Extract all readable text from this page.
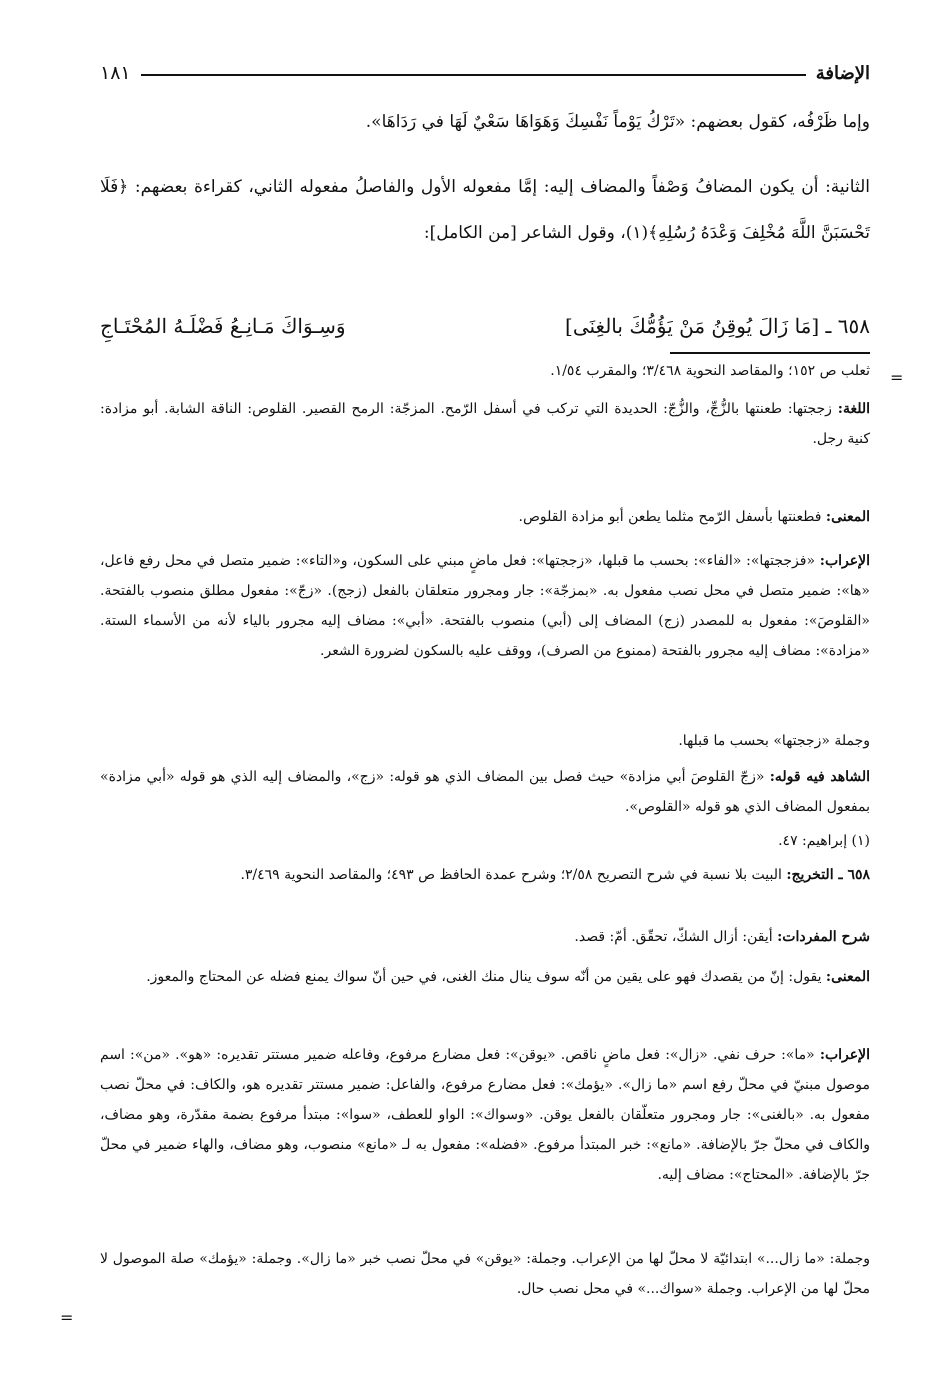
الإضافة
١٨١
وإما ظَرْفُه، كقول بعضهم: «تَرْكُ يَوْماً نَفْسِكَ وَهَوَاهَا سَعْيٌ لَهَا في رَدَاهَا».
الثانية: أن يكون المضافُ وَصْفاً والمضاف إليه: إمَّا مفعوله الأول والفاصلُ مفعوله الثاني، كقراءة بعضهم: ﴿فَلَا تَحْسَبَنَّ اللَّهَ مُخْلِفَ وَعْدَهُ رُسُلِهِ﴾(١)، وقول الشاعر [من الكامل]:
٦٥٨ ـ [مَا زَالَ يُوقِنُ مَنْ يَؤُمُّكَ بالغِنَى]
وَسِـوَاكَ مَـانِـعُ فَضْلَـهُ المُحْتَـاجِ
=
ثعلب ص ١٥٢؛ والمقاصد النحوية ٣/٤٦٨؛ والمقرب ١/٥٤.
اللغة: زججتها: طعنتها بالزُّجِّ، والزُّجّ: الحديدة التي تركب في أسفل الرّمح. المزجّة: الرمح القصير. القلوص: الناقة الشابة. أبو مزادة: كنية رجل.
المعنى: فطعنتها بأسفل الرّمح مثلما يطعن أبو مزادة القلوص.
الإعراب: «فزججتها»: «الفاء»: بحسب ما قبلها، «زججتها»: فعل ماضٍ مبني على السكون، و«التاء»: ضمير متصل في محل رفع فاعل، «ها»: ضمير متصل في محل نصب مفعول به. «بمزجّة»: جار ومجرور متعلقان بالفعل (زجج). «زجّ»: مفعول مطلق منصوب بالفتحة. «القلوصَ»: مفعول به للمصدر (زج) المضاف إلى (أبي) منصوب بالفتحة. «أبي»: مضاف إليه مجرور بالياء لأنه من الأسماء الستة. «مزادة»: مضاف إليه مجرور بالفتحة (ممنوع من الصرف)، ووقف عليه بالسكون لضرورة الشعر.
وجملة «زججتها» بحسب ما قبلها.
الشاهد فيه قوله: «زجّ القلوصَ أبي مزادة» حيث فصل بين المضاف الذي هو قوله: «زج»، والمضاف إليه الذي هو قوله «أبي مزادة» بمفعول المضاف الذي هو قوله «القلوص».
(١) إبراهيم: ٤٧.
٦٥٨ ـ التخريج: البيت بلا نسبة في شرح التصريح ٢/٥٨؛ وشرح عمدة الحافظ ص ٤٩٣؛ والمقاصد النحوية ٣/٤٦٩.
شرح المفردات: أيقن: أزال الشكّ، تحقّق. أمّ: قصد.
المعنى: يقول: إنّ من يقصدك فهو على يقين من أنّه سوف ينال منك الغنى، في حين أنّ سواك يمنع فضله عن المحتاج والمعوز.
الإعراب: «ما»: حرف نفي. «زال»: فعل ماضٍ ناقص. «يوقن»: فعل مضارع مرفوع، وفاعله ضمير مستتر تقديره: «هو». «من»: اسم موصول مبنيّ في محلّ رفع اسم «ما زال». «يؤمك»: فعل مضارع مرفوع، والفاعل: ضمير مستتر تقديره هو، والكاف: في محلّ نصب مفعول به. «بالغنى»: جار ومجرور متعلّقان بالفعل يوقن. «وسواك»: الواو للعطف، «سوا»: مبتدأ مرفوع بضمة مقدّرة، وهو مضاف، والكاف في محلّ جرّ بالإضافة. «مانع»: خبر المبتدأ مرفوع. «فضله»: مفعول به لـ «مانع» منصوب، وهو مضاف، والهاء ضمير في محلّ جرّ بالإضافة. «المحتاج»: مضاف إليه.
وجملة: «ما زال...» ابتدائيّة لا محلّ لها من الإعراب. وجملة: «يوقن» في محلّ نصب خبر «ما زال». وجملة: «يؤمك» صلة الموصول لا محلّ لها من الإعراب. وجملة «سواك...» في محل نصب حال.
=
